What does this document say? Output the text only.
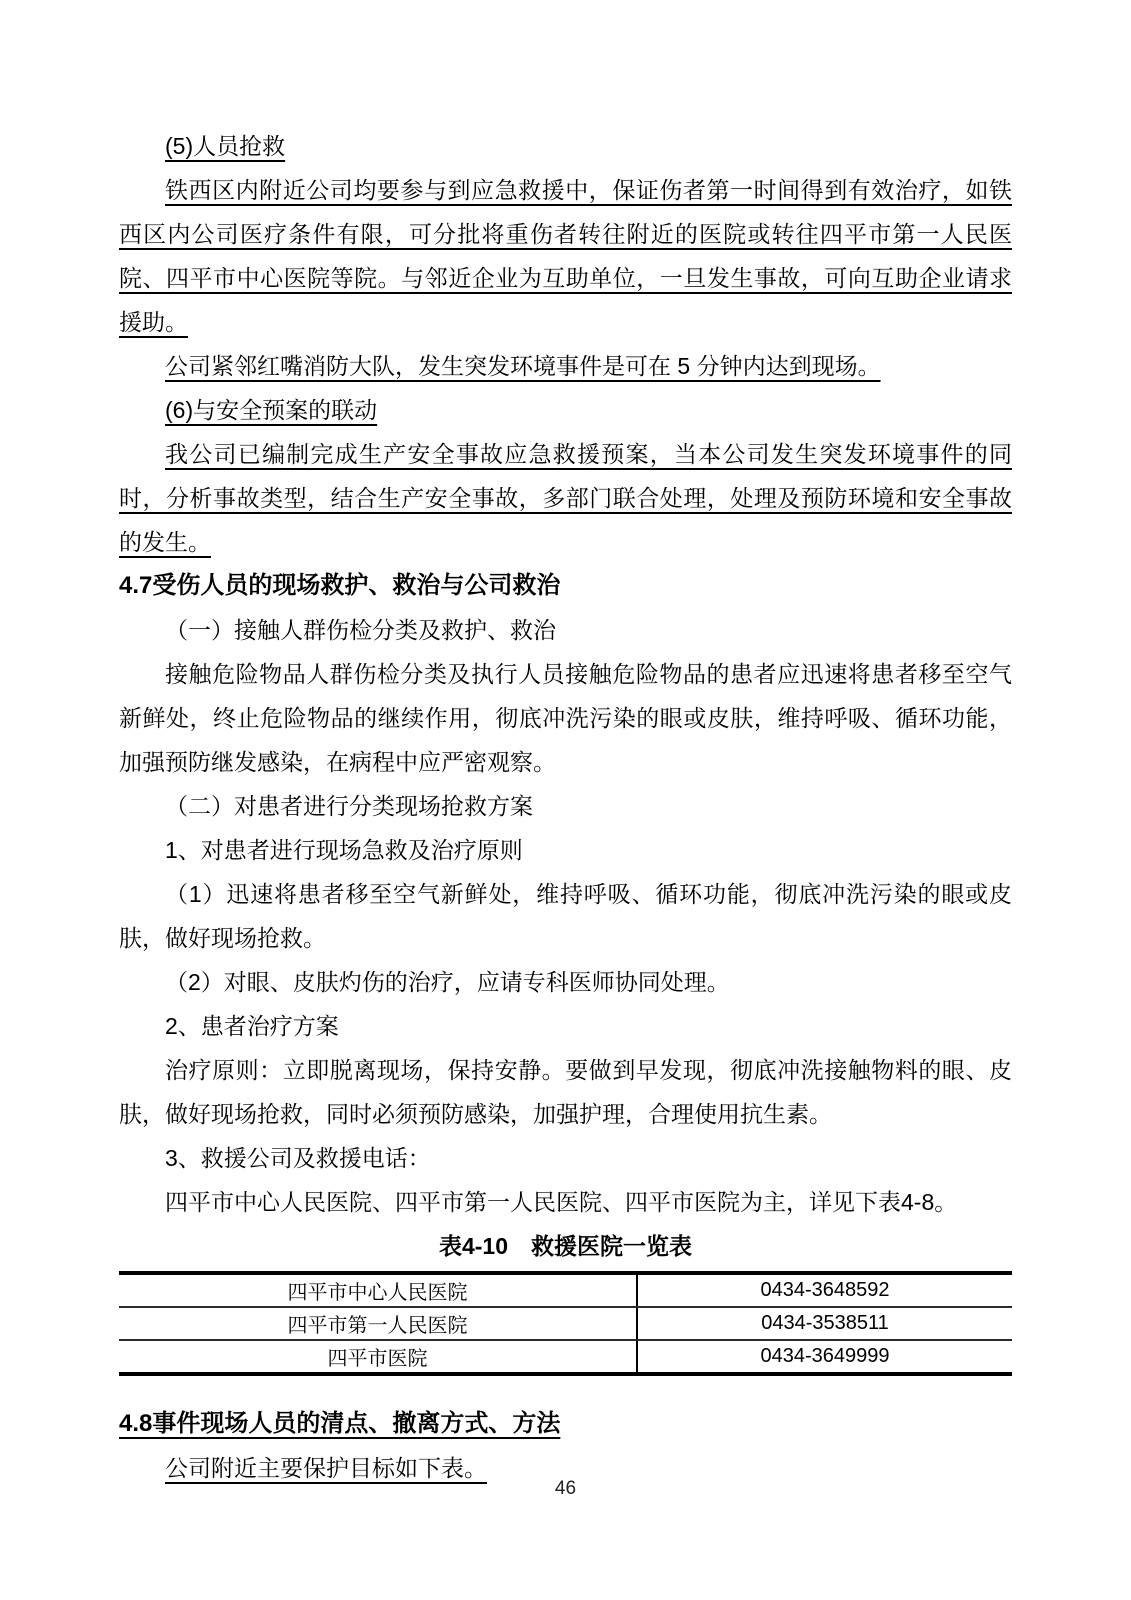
(5)人员抢救

铁西区内附近公司均要参与到应急救援中，保证伤者第一时间得到有效治疗，如铁西区内公司医疗条件有限，可分批将重伤者转往附近的医院或转往四平市第一人民医院、四平市中心医院等院。与邻近企业为互助单位，一旦发生事故，可向互助企业请求援助。

公司紧邻红嘴消防大队，发生突发环境事件是可在 5 分钟内达到现场。

(6)与安全预案的联动

我公司已编制完成生产安全事故应急救援预案，当本公司发生突发环境事件的同时，分析事故类型，结合生产安全事故，多部门联合处理，处理及预防环境和安全事故的发生。

4.7受伤人员的现场救护、救治与公司救治

（一）接触人群伤检分类及救护、救治

接触危险物品人群伤检分类及执行人员接触危险物品的患者应迅速将患者移至空气新鲜处，终止危险物品的继续作用，彻底冲洗污染的眼或皮肤，维持呼吸、循环功能，加强预防继发感染，在病程中应严密观察。

（二）对患者进行分类现场抢救方案

1、对患者进行现场急救及治疗原则

（1）迅速将患者移至空气新鲜处，维持呼吸、循环功能，彻底冲洗污染的眼或皮肤，做好现场抢救。

（2）对眼、皮肤灼伤的治疗，应请专科医师协同处理。

2、患者治疗方案

治疗原则：立即脱离现场，保持安静。要做到早发现，彻底冲洗接触物料的眼、皮肤，做好现场抢救，同时必须预防感染，加强护理，合理使用抗生素。

3、救援公司及救援电话：

四平市中心人民医院、四平市第一人民医院、四平市医院为主，详见下表4-8。

表4-10　救援医院一览表

四平市中心人民医院	0434-3648592
四平市第一人民医院	0434-3538511
四平市医院	0434-3649999
4.8事件现场人员的清点、撤离方式、方法

公司附近主要保护目标如下表。

46
